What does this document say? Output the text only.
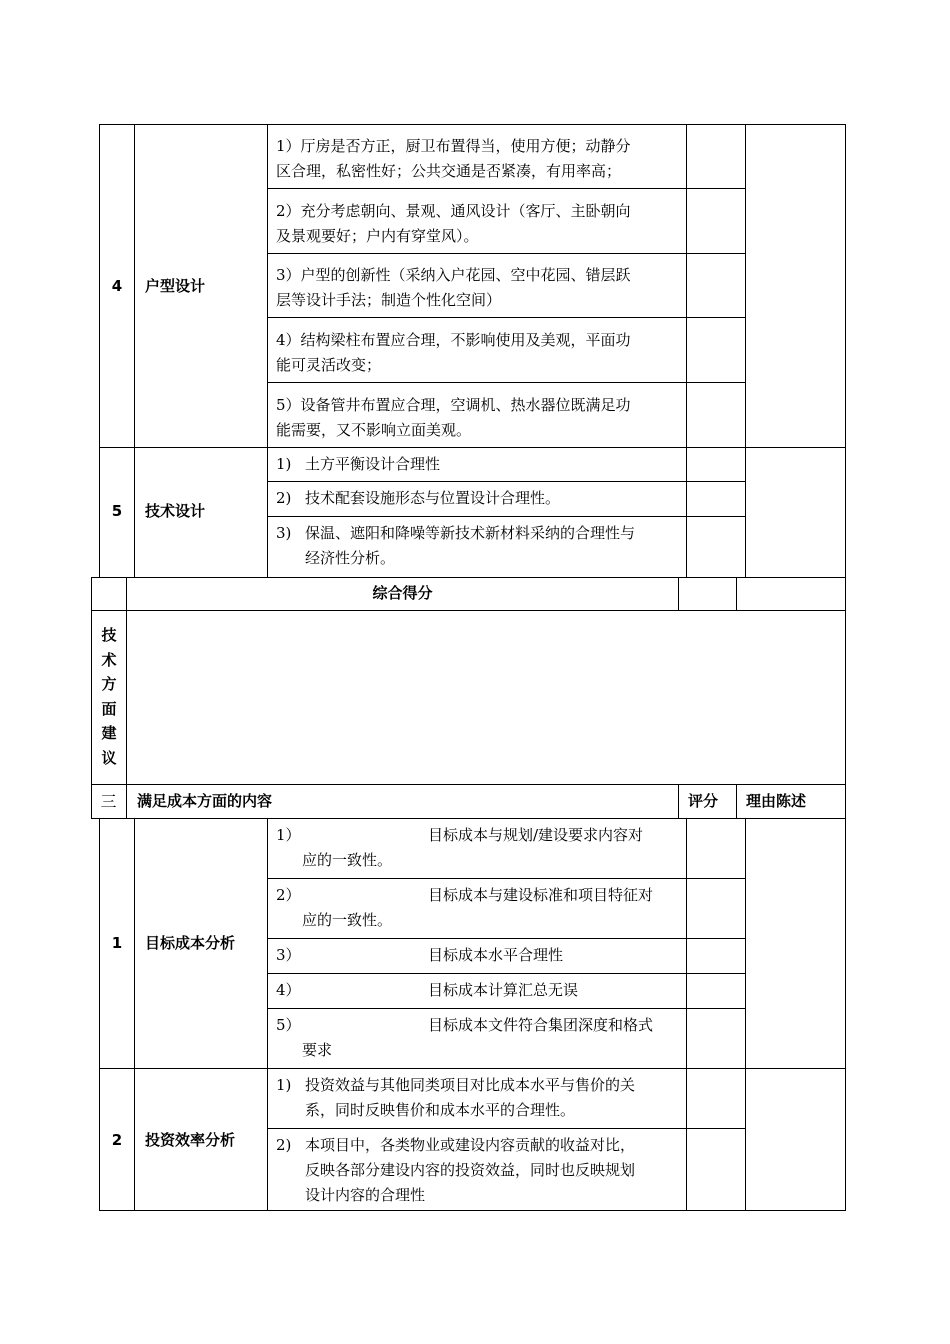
4	户型设计
1）厅房是否方正，厨卫布置得当，使用方便；动静分
区合理，私密性好；公共交通是否紧凑，有用率高；
2）充分考虑朝向、景观、通风设计（客厅、主卧朝向
及景观要好；户内有穿堂风）。
3）户型的创新性（采纳入户花园、空中花园、错层跃
层等设计手法；制造个性化空间）
4）结构梁柱布置应合理，不影响使用及美观，平面功
能可灵活改变；
5）设备管井布置应合理，空调机、热水器位既满足功
能需要，又不影响立面美观。
5	技术设计
1) 土方平衡设计合理性
2) 技术配套设施形态与位置设计合理性。
3) 保温、遮阳和降噪等新技术新材料采纳的合理性与
经济性分析。
综合得分
技
术
方
面
建
议
三	满足成本方面的内容	评分 理由陈述
1	目标成本分析
1）	目标成本与规划/建设要求内容对
应的一致性。
2）	目标成本与建设标准和项目特征对
应的一致性。
3）	目标成本水平合理性
4）	目标成本计算汇总无误
5）	目标成本文件符合集团深度和格式
要求
2	投资效率分析
1) 投资效益与其他同类项目对比成本水平与售价的关
系，同时反映售价和成本水平的合理性。
2) 本项目中，各类物业或建设内容贡献的收益对比，
反映各部分建设内容的投资效益，同时也反映规划
设计内容的合理性
